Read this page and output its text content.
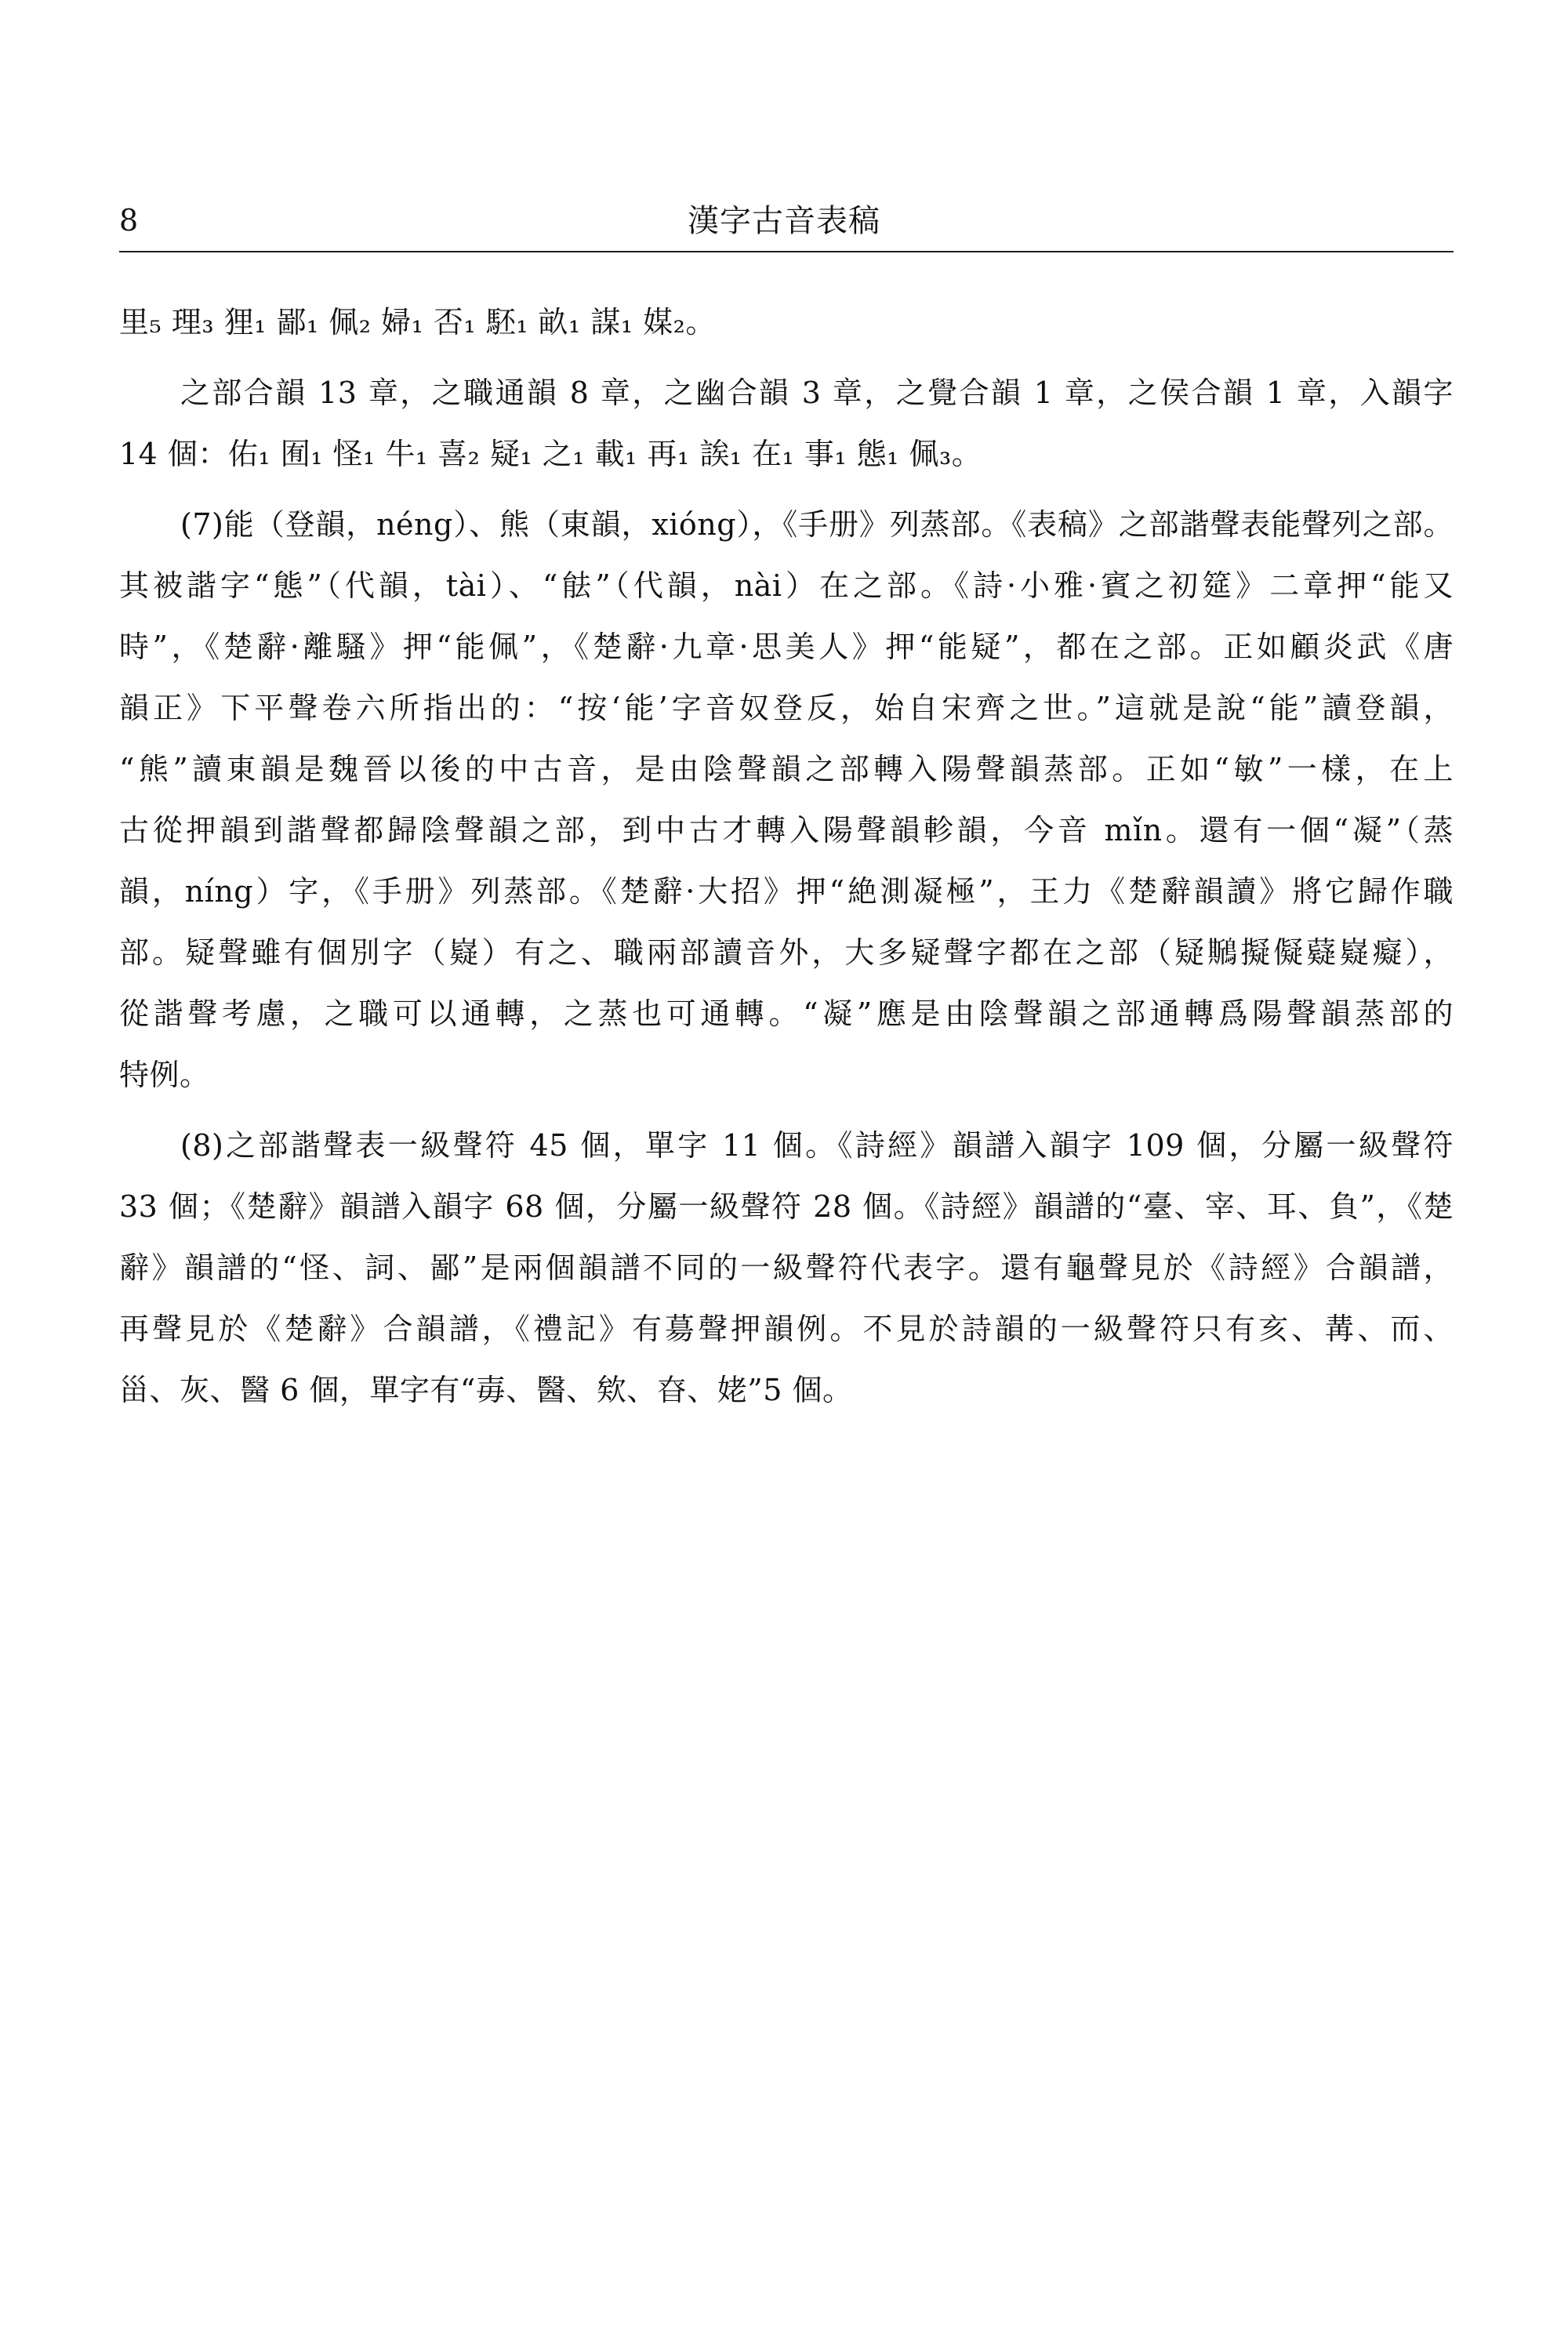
8	漢字古音表稿
里₅ 理₃ 狸₁ 鄙₁ 佩₂ 婦₁ 否₁ 駓₁ 畝₁ 謀₁ 媒₂。
之部合韻 13 章，之職通韻 8 章，之幽合韻 3 章，之覺合韻 1 章，之侯合韻 1 章，入韻字
14 個：佑₁ 囿₁ 怪₁ 牛₁ 喜₂ 疑₁ 之₁ 載₁ 再₁ 誒₁ 在₁ 事₁ 態₁ 佩₃。
(7)能（登韻，néng）、熊（東韻，xióng），《手册》列蒸部。《表稿》之部諧聲表能聲列之部。
其被諧字“態”（代韻，tài）、“䏻”（代韻，nài）在之部。《詩·小雅·賓之初筵》二章押“能又
時”，《楚辭·離騷》押“能佩”，《楚辭·九章·思美人》押“能疑”，都在之部。正如顧炎武《唐
韻正》下平聲卷六所指出的：“按‘能’字音奴登反，始自宋齊之世。”這就是說“能”讀登韻，
“熊”讀東韻是魏晉以後的中古音，是由陰聲韻之部轉入陽聲韻蒸部。正如“敏”一樣，在上
古從押韻到諧聲都歸陰聲韻之部，到中古才轉入陽聲韻軫韻，今音 mǐn。還有一個“凝”（蒸
韻，níng）字，《手册》列蒸部。《楚辭·大招》押“絶測凝極”，王力《楚辭韻讀》將它歸作職
部。疑聲雖有個別字（嶷）有之、職兩部讀音外，大多疑聲字都在之部（疑𪆁擬儗薿嶷癡），
從諧聲考慮，之職可以通轉，之蒸也可通轉。“凝”應是由陰聲韻之部通轉爲陽聲韻蒸部的
特例。
(8)之部諧聲表一級聲符 45 個，單字 11 個。《詩經》韻譜入韻字 109 個，分屬一級聲符
33 個；《楚辭》韻譜入韻字 68 個，分屬一級聲符 28 個。《詩經》韻譜的“臺、宰、耳、負”，《楚
辭》韻譜的“怪、詞、鄙”是兩個韻譜不同的一級聲符代表字。還有龜聲見於《詩經》合韻譜，
再聲見於《楚辭》合韻譜，《禮記》有𦳝聲押韻例。不見於詩韻的一級聲符只有亥、冓、而、
甾、灰、醫 6 個，單字有“毐、醫、欸、昚、姥”5 個。
